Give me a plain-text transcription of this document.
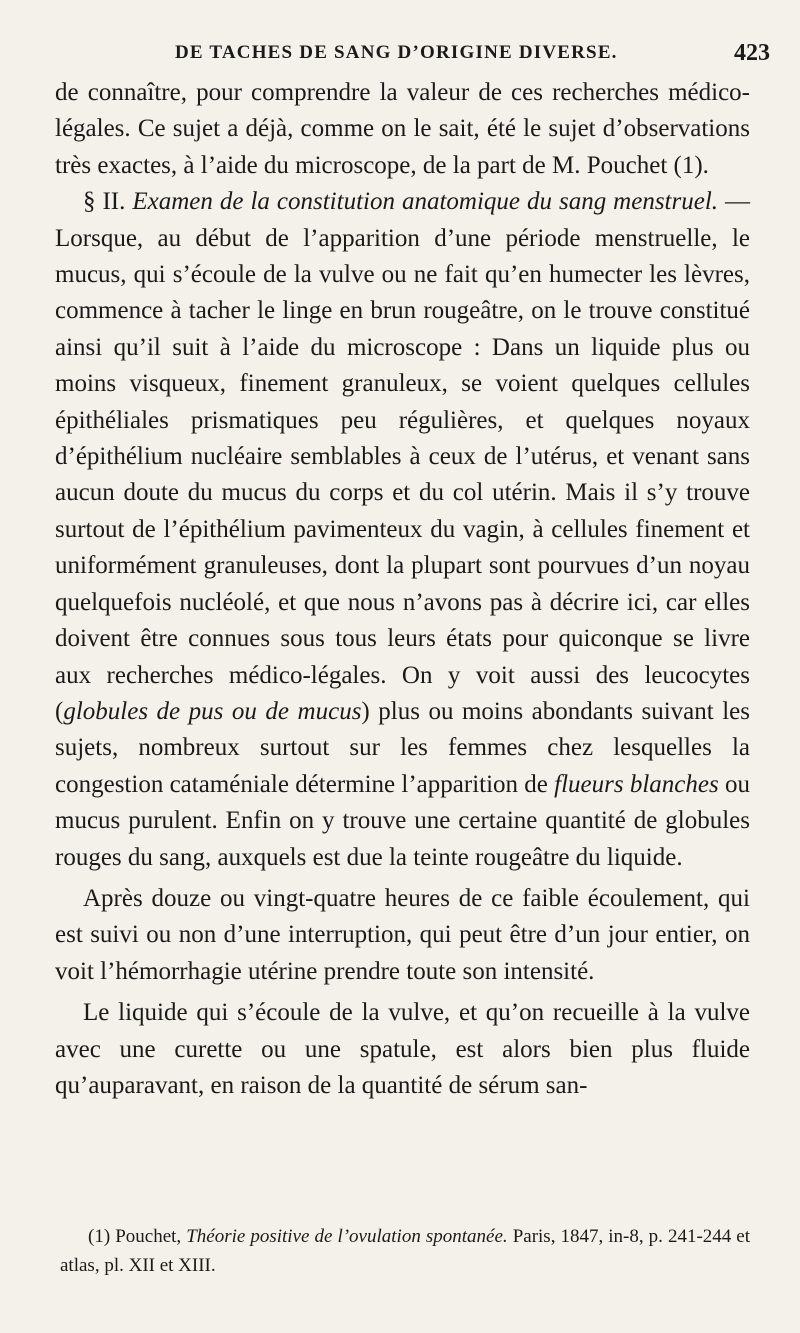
DE TACHES DE SANG D’ORIGINE DIVERSE.	423

de connaître, pour comprendre la valeur de ces recherches médico-légales. Ce sujet a déjà, comme on le sait, été le sujet d’observations très exactes, à l’aide du microscope, de la part de M. Pouchet (1).

§ II. Examen de la constitution anatomique du sang menstruel. — Lorsque, au début de l’apparition d’une période menstruelle, le mucus, qui s’écoule de la vulve ou ne fait qu’en humecter les lèvres, commence à tacher le linge en brun rougeâtre, on le trouve constitué ainsi qu’il suit à l’aide du microscope : Dans un liquide plus ou moins visqueux, finement granuleux, se voient quelques cellules épithéliales prismatiques peu régulières, et quelques noyaux d’épithélium nucléaire semblables à ceux de l’utérus, et venant sans aucun doute du mucus du corps et du col utérin. Mais il s’y trouve surtout de l’épithélium pavimenteux du vagin, à cellules finement et uniformément granuleuses, dont la plupart sont pourvues d’un noyau quelquefois nucléolé, et que nous n’avons pas à décrire ici, car elles doivent être connues sous tous leurs états pour quiconque se livre aux recherches médico-légales. On y voit aussi des leucocytes (globules de pus ou de mucus) plus ou moins abondants suivant les sujets, nombreux surtout sur les femmes chez lesquelles la congestion cataméniale détermine l’apparition de flueurs blanches ou mucus purulent. Enfin on y trouve une certaine quantité de globules rouges du sang, auxquels est due la teinte rougeâtre du liquide.

Après douze ou vingt-quatre heures de ce faible écoulement, qui est suivi ou non d’une interruption, qui peut être d’un jour entier, on voit l’hémorrhagie utérine prendre toute son intensité.

Le liquide qui s’écoule de la vulve, et qu’on recueille à la vulve avec une curette ou une spatule, est alors bien plus fluide qu’auparavant, en raison de la quantité de sérum san-

(1) Pouchet, Théorie positive de l’ovulation spontanée. Paris, 1847, in-8, p. 241-244 et atlas, pl. XII et XIII.
